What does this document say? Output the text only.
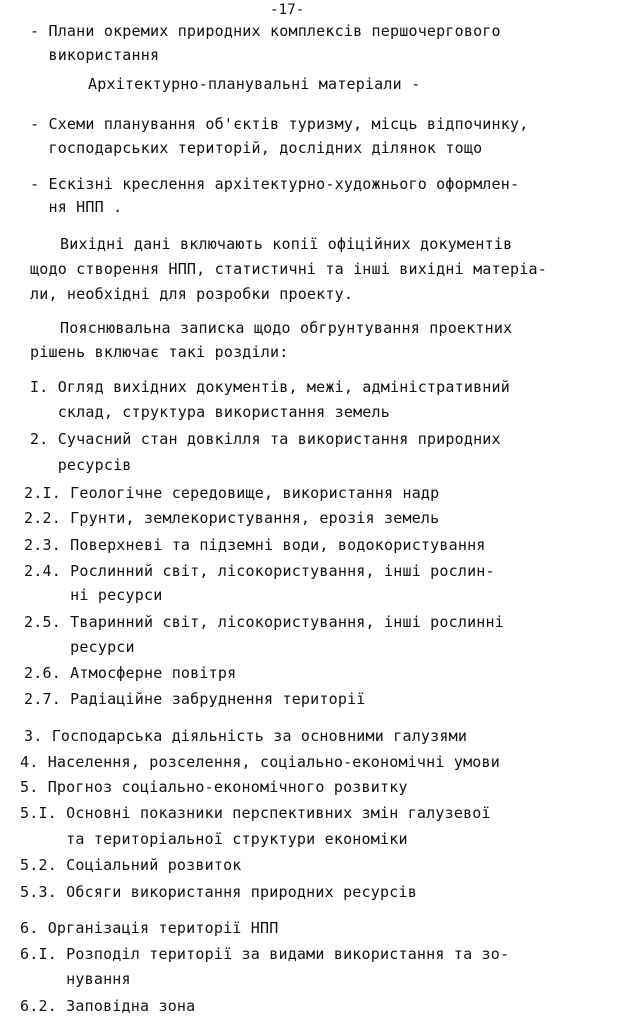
-17-
- Плани окремих природних комплексів першочергового
використання
Архітектурно-планувальні матеріали -
- Схеми планування об'єктів туризму, місць відпочинку,
господарських територій, дослідних ділянок тощо
- Ескізні креслення архітектурно-художнього оформлен-
ня НПП .
Вихідні дані включають копії офіційних документів
щодо створення НПП, статистичні та інші вихідні матеріа-
ли, необхідні для розробки проекту.
Пояснювальна записка щодо обгрунтування проектних
рішень включає такі розділи:
I. Огляд вихідних документів, межі, адміністративний
склад, структура використання земель
2. Сучасний стан довкілля та використання природних
ресурсів
2.I. Геологічне середовище, використання надр
2.2. Грунти, землекористування, ерозія земель
2.3. Поверхневі та підземні води, водокористування
2.4. Рослинний світ, лісокористування, інші рослин-
ні ресурси
2.5. Тваринний світ, лісокористування, інші рослинні
ресурси
2.6. Атмосферне повітря
2.7. Радіаційне забруднення території
3. Господарська діяльність за основними галузями
4. Населення, розселення, соціально-економічні умови
5. Прогноз соціально-економічного розвитку
5.I. Основні показники перспективних змін галузевої
та територіальної структури економіки
5.2. Соціальний розвиток
5.3. Обсяги використання природних ресурсів
6. Організація території НПП
6.I. Розподіл території за видами використання та зо-
нування
6.2. Заповідна зона
